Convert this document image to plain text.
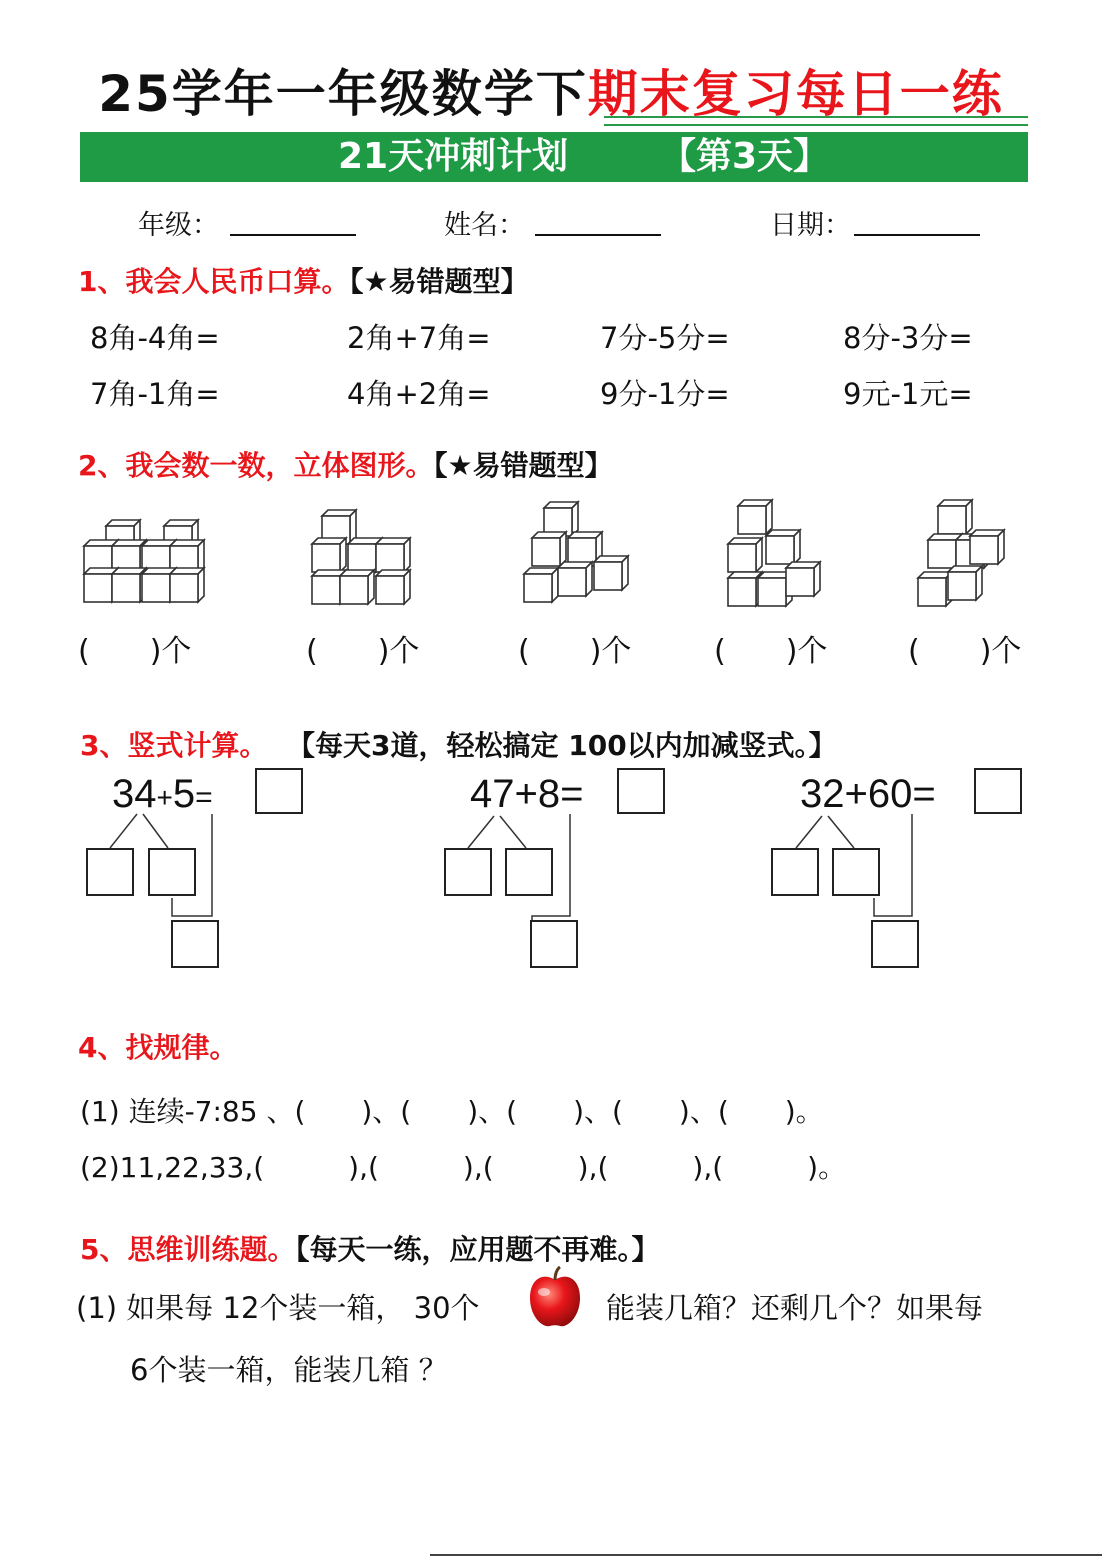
25学年一年级数学下期末复习每日一练
21天冲刺计划	【第3天】
年级：	姓名：	日期：
1、我会人民币口算。【★易错题型】
8角-4角=	2角+7角=	7分-5分=	8分-3分=
7角-1角=	4角+2角=	9分-1分=	9元-1元=
2、我会数一数，立体图形。【★易错题型】
(　　)个	(　　)个	(　　)个	(　　)个	(　　)个
3、竖式计算。 【每天3道，轻松搞定 100以内加减竖式。】
34+5=	47+8=	32+60=
4、找规律。
(1) 连续-7:85 、(　　)、(　　)、(　　)、(　　)、(　　)。
(2)11,22,33,(　　　),(　　　),(　　　),(　　　),(　　　)。
5、思维训练题。【每天一练，应用题不再难。】
(1) 如果每 12个装一箱， 30个	能装几箱？还剩几个？如果每
6个装一箱，能装几箱 ？
